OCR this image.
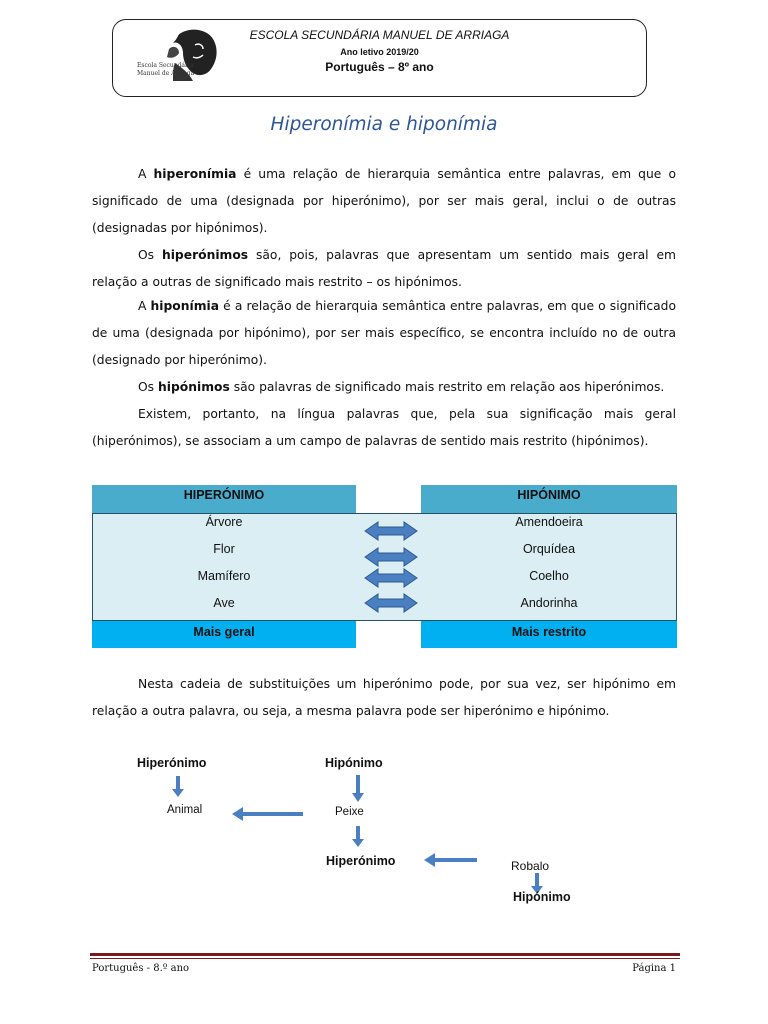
Escola Secundária
Manuel de Arriaga
ESCOLA SECUNDÁRIA MANUEL DE ARRIAGA
Ano letivo 2019/20
Português – 8º ano
Hiperonímia e hiponímia
A hiperonímia é uma relação de hierarquia semântica entre palavras, em que o significado de uma (designada por hiperónimo), por ser mais geral, inclui o de outras (designadas por hipónimos).
Os hiperónimos são, pois, palavras que apresentam um sentido mais geral em relação a outras de significado mais restrito – os hipónimos.
A hiponímia é a relação de hierarquia semântica entre palavras, em que o significado de uma (designada por hipónimo), por ser mais específico, se encontra incluído no de outra (designado por hiperónimo).
Os hipónimos são palavras de significado mais restrito em relação aos hiperónimos.
Existem, portanto, na língua palavras que, pela sua significação mais geral (hiperónimos), se associam a um campo de palavras de sentido mais restrito (hipónimos).
HIPERÓNIMO	HIPÓNIMO
Árvore	Amendoeira
Flor	Orquídea
Mamífero	Coelho
Ave	Andorinha
Mais geral	Mais restrito
Nesta cadeia de substituições um hiperónimo pode, por sua vez, ser hipónimo em relação a outra palavra, ou seja, a mesma palavra pode ser hiperónimo e hipónimo.
Hiperónimo
Animal
Hipónimo
Peixe
Hiperónimo	Robalo
Hipónimo
Português - 8.º ano	Página 1
